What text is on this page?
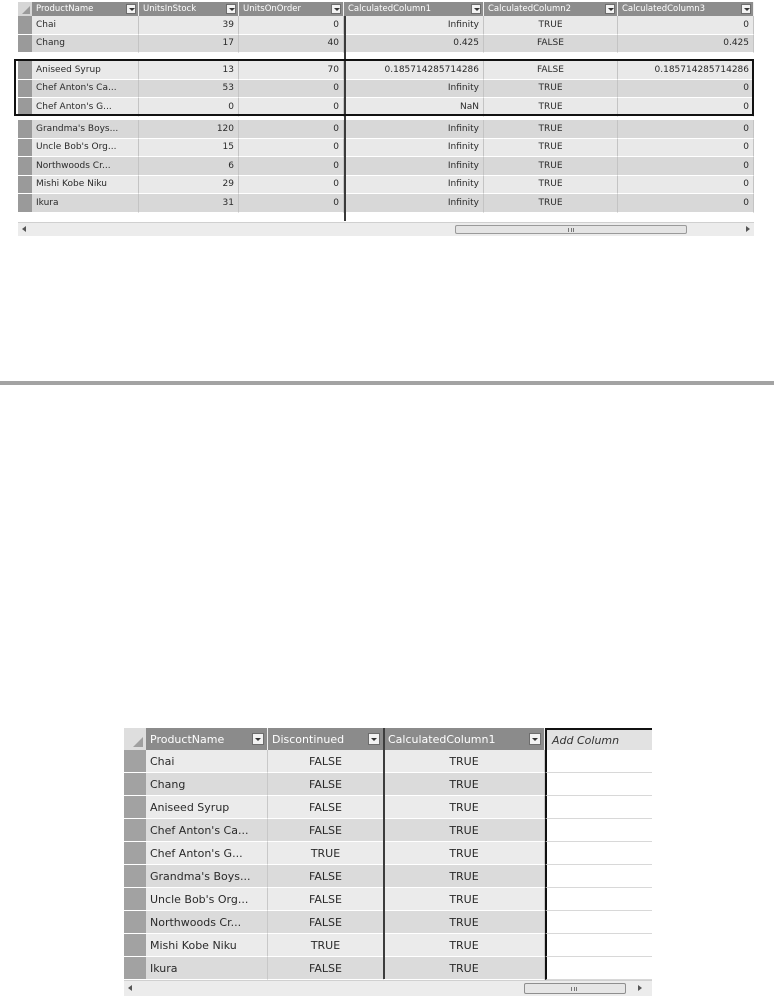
ProductName	UnitsInStock	UnitsOnOrder	CalculatedColumn1	CalculatedColumn2	CalculatedColumn3
Chai	39	0	Infinity	TRUE	0
Chang	17	40	0.425	FALSE	0.425
Aniseed Syrup	13	70	0.185714285714286	FALSE	0.185714285714286
Chef Anton's Ca...	53	0	Infinity	TRUE	0
Chef Anton's G...	0	0	NaN	TRUE	0
Grandma's Boys...	120	0	Infinity	TRUE	0
Uncle Bob's Org...	15	0	Infinity	TRUE	0
Northwoods Cr...	6	0	Infinity	TRUE	0
Mishi Kobe Niku	29	0	Infinity	TRUE	0
Ikura	31	0	Infinity	TRUE	0
ProductName	Discontinued	CalculatedColumn1	Add Column
Chai	FALSE	TRUE
Chang	FALSE	TRUE
Aniseed Syrup	FALSE	TRUE
Chef Anton's Ca...	FALSE	TRUE
Chef Anton's G...	TRUE	TRUE
Grandma's Boys...	FALSE	TRUE
Uncle Bob's Org...	FALSE	TRUE
Northwoods Cr...	FALSE	TRUE
Mishi Kobe Niku	TRUE	TRUE
Ikura	FALSE	TRUE
